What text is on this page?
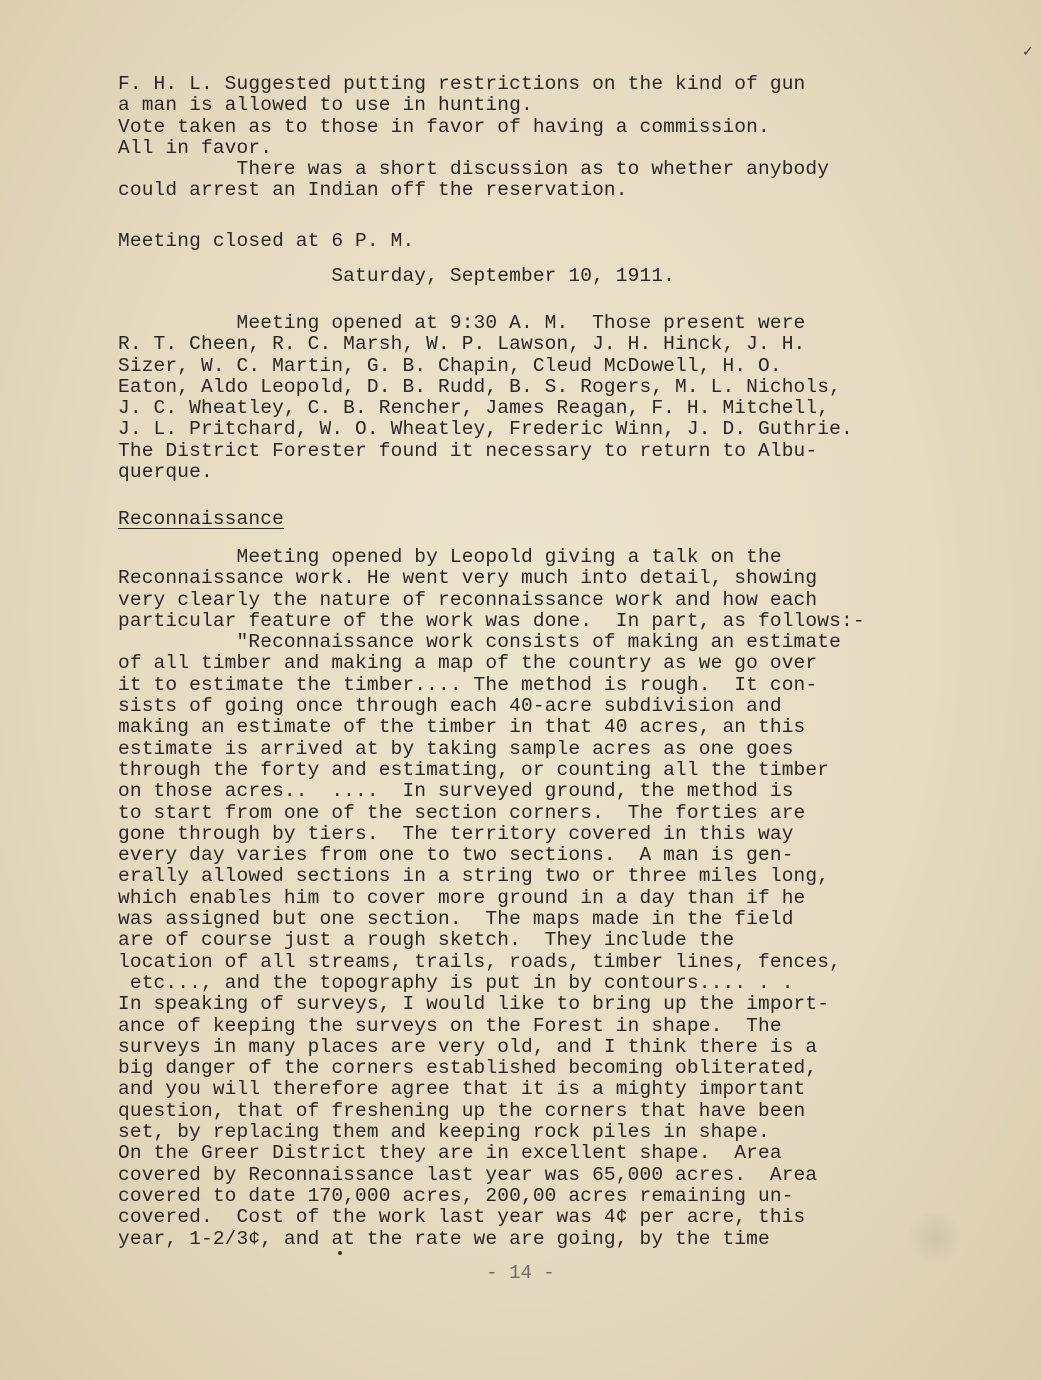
✓
F. H. L. Suggested putting restrictions on the kind of gun
a man is allowed to use in hunting.
Vote taken as to those in favor of having a commission.
All in favor.
There was a short discussion as to whether anybody
could arrest an Indian off the reservation.
Meeting closed at 6 P. M.
Saturday, September 10, 1911.
Meeting opened at 9:30 A. M.  Those present were
R. T. Cheen, R. C. Marsh, W. P. Lawson, J. H. Hinck, J. H.
Sizer, W. C. Martin, G. B. Chapin, Cleud McDowell, H. O.
Eaton, Aldo Leopold, D. B. Rudd, B. S. Rogers, M. L. Nichols,
J. C. Wheatley, C. B. Rencher, James Reagan, F. H. Mitchell,
J. L. Pritchard, W. O. Wheatley, Frederic Winn, J. D. Guthrie.
The District Forester found it necessary to return to Albu-
querque.
Reconnaissance
Meeting opened by Leopold giving a talk on the
Reconnaissance work. He went very much into detail, showing
very clearly the nature of reconnaissance work and how each
particular feature of the work was done.  In part, as follows:-
"Reconnaissance work consists of making an estimate
of all timber and making a map of the country as we go over
it to estimate the timber.... The method is rough.  It con-
sists of going once through each 40-acre subdivision and
making an estimate of the timber in that 40 acres, an this
estimate is arrived at by taking sample acres as one goes
through the forty and estimating, or counting all the timber
on those acres..  ....  In surveyed ground, the method is
to start from one of the section corners.  The forties are
gone through by tiers.  The territory covered in this way
every day varies from one to two sections.  A man is gen-
erally allowed sections in a string two or three miles long,
which enables him to cover more ground in a day than if he
was assigned but one section.  The maps made in the field
are of course just a rough sketch.  They include the
location of all streams, trails, roads, timber lines, fences,
etc..., and the topography is put in by contours.... . .
In speaking of surveys, I would like to bring up the import-
ance of keeping the surveys on the Forest in shape.  The
surveys in many places are very old, and I think there is a
big danger of the corners established becoming obliterated,
and you will therefore agree that it is a mighty important
question, that of freshening up the corners that have been
set, by replacing them and keeping rock piles in shape.
On the Greer District they are in excellent shape.  Area
covered by Reconnaissance last year was 65,000 acres.  Area
covered to date 170,000 acres, 200,00 acres remaining un-
covered.  Cost of the work last year was 4¢ per acre, this
year, 1-2/3¢, and at the rate we are going, by the time
- 14 -
